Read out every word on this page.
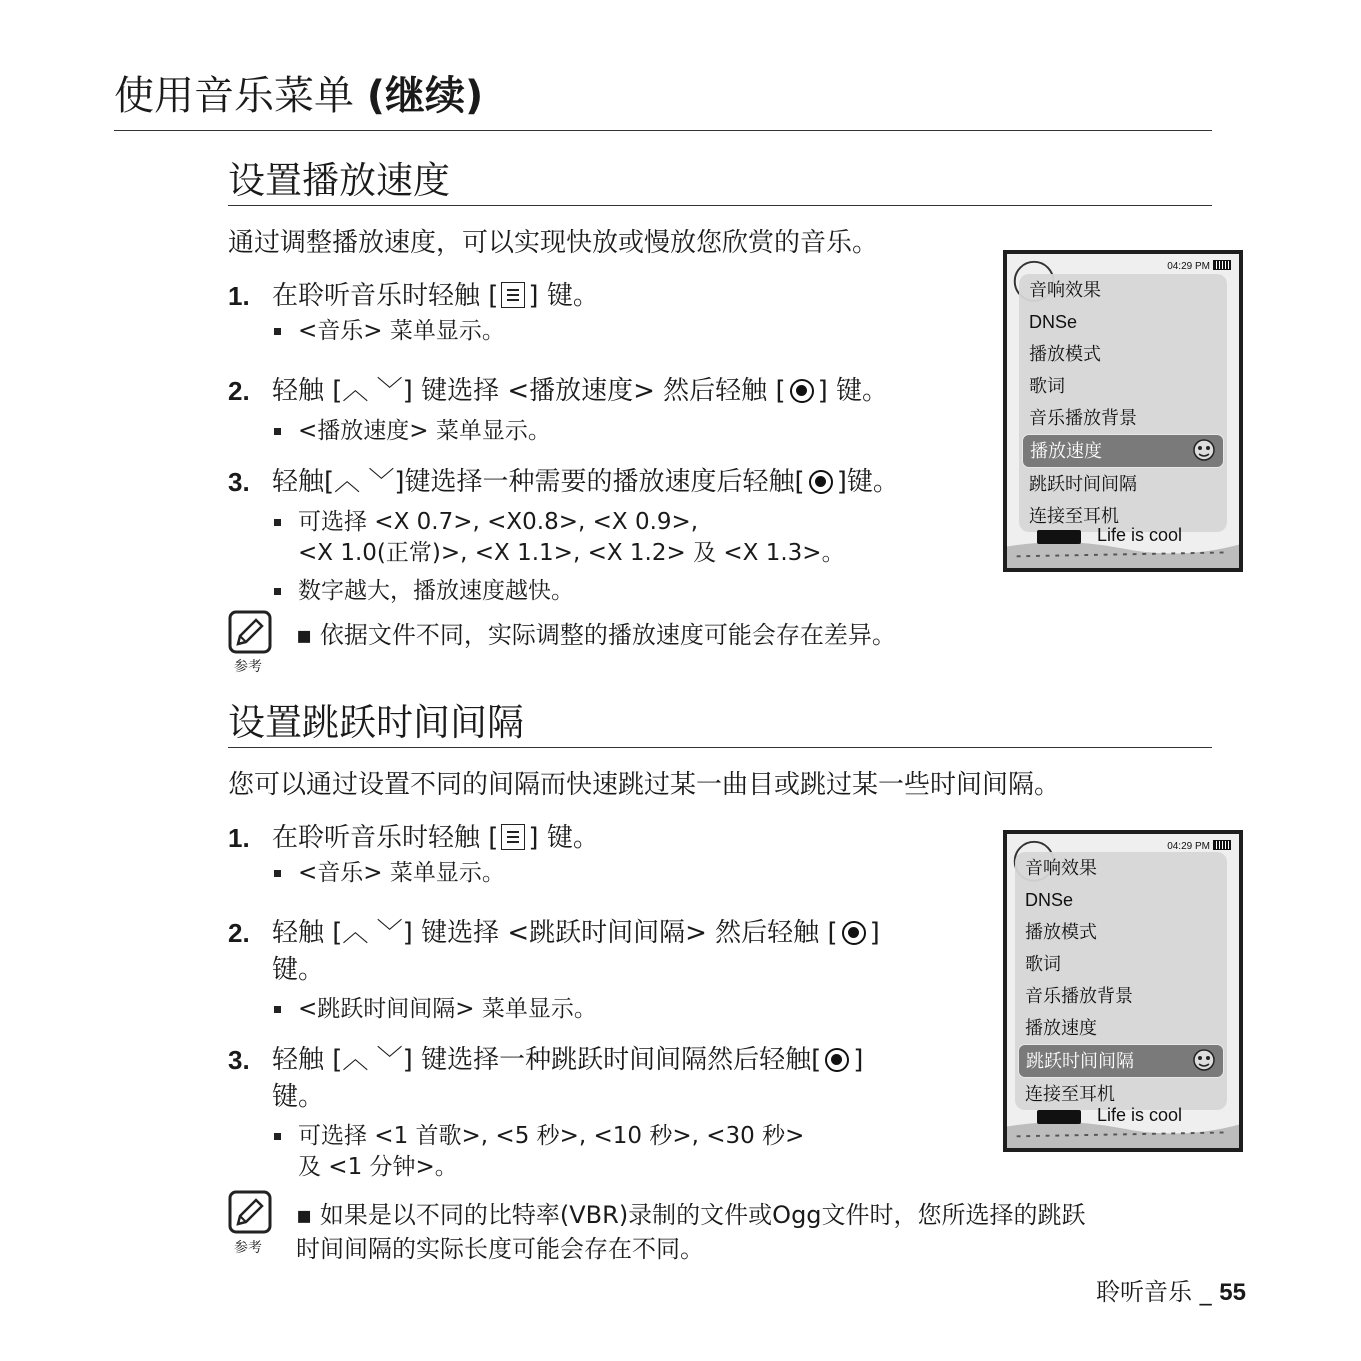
使用音乐菜单 (继续)
设置播放速度
通过调整播放速度，可以实现快放或慢放您欣赏的音乐。
1. 在聆听音乐时轻触 [ ] 键。
<音乐> 菜单显示。
2. 轻触 [︿ ﹀] 键选择 <播放速度> 然后轻触 [ ] 键。
<播放速度> 菜单显示。
3. 轻触[︿ ﹀]键选择一种需要的播放速度后轻触[ ]键。
可选择 <X 0.7>, <X0.8>, <X 0.9>,
<X 1.0(正常)>, <X 1.1>, <X 1.2> 及 <X 1.3>。
数字越大，播放速度越快。
参考
▪ 依据文件不同，实际调整的播放速度可能会存在差异。
04:29 PM
音响效果
DNSe
播放模式
歌词
音乐播放背景
播放速度
跳跃时间间隔
连接至耳机
Life is cool
设置跳跃时间间隔
您可以通过设置不同的间隔而快速跳过某一曲目或跳过某一些时间间隔。
1. 在聆听音乐时轻触 [ ] 键。
<音乐> 菜单显示。
2. 轻触 [︿ ﹀] 键选择 <跳跃时间间隔> 然后轻触 [ ]
键。
<跳跃时间间隔> 菜单显示。
3. 轻触 [︿ ﹀] 键选择一种跳跃时间间隔然后轻触[ ]
键。
可选择 <1 首歌>, <5 秒>, <10 秒>, <30 秒>
及 <1 分钟>。
参考
▪ 如果是以不同的比特率(VBR)录制的文件或Ogg文件时，您所选择的跳跃
时间间隔的实际长度可能会存在不同。
04:29 PM
音响效果
DNSe
播放模式
歌词
音乐播放背景
播放速度
跳跃时间间隔
连接至耳机
Life is cool
聆听音乐 _ 55
